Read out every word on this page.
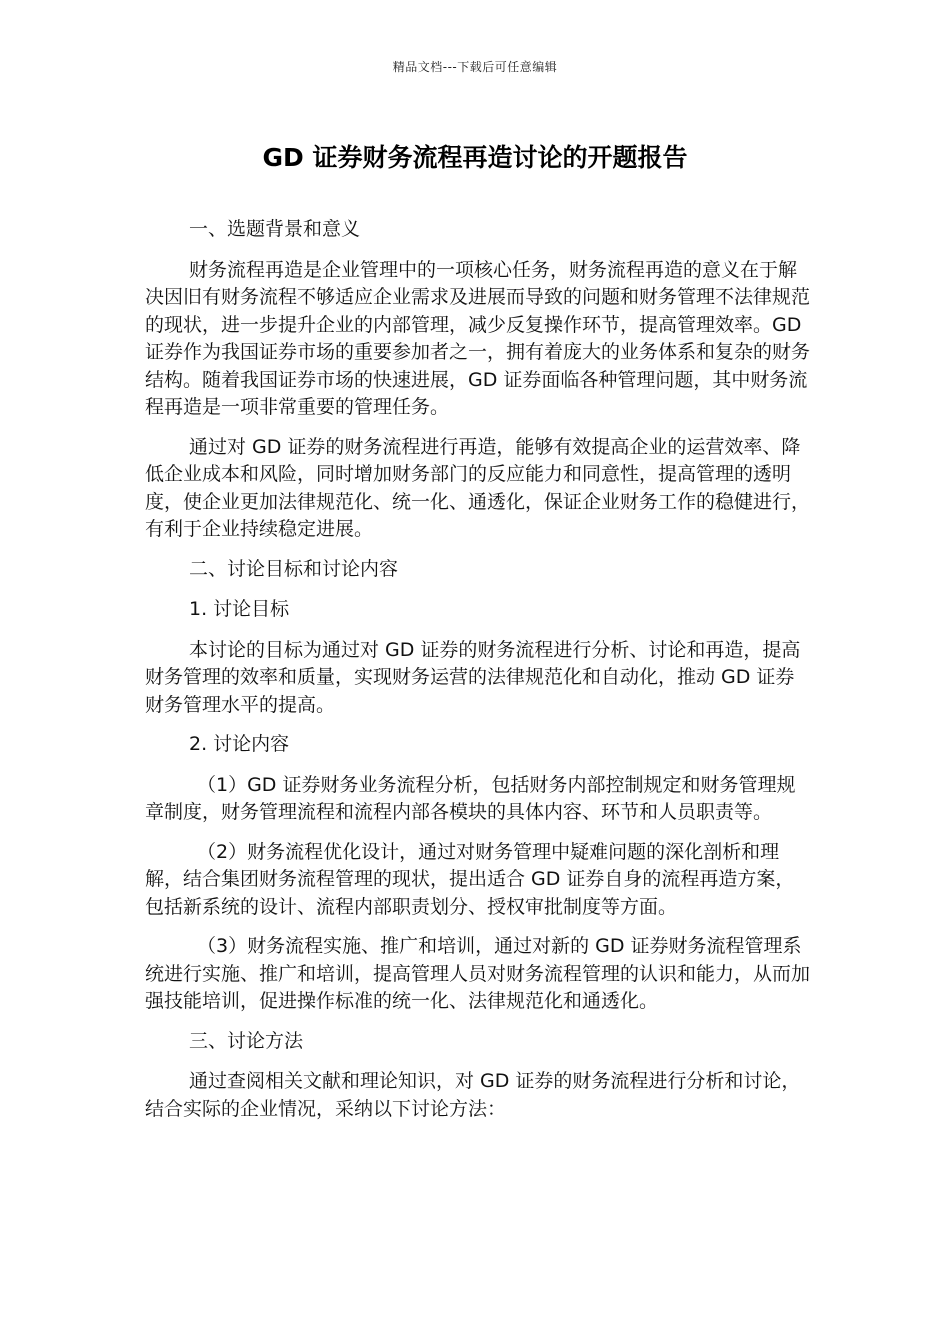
精品文档---下载后可任意编辑
GD 证券财务流程再造讨论的开题报告

一、选题背景和意义

财务流程再造是企业管理中的一项核心任务，财务流程再造的意义在于解决因旧有财务流程不够适应企业需求及进展而导致的问题和财务管理不法律规范的现状，进一步提升企业的内部管理，减少反复操作环节，提高管理效率。GD 证券作为我国证券市场的重要参加者之一，拥有着庞大的业务体系和复杂的财务结构。随着我国证券市场的快速进展，GD 证券面临各种管理问题，其中财务流程再造是一项非常重要的管理任务。

通过对 GD 证券的财务流程进行再造，能够有效提高企业的运营效率、降低企业成本和风险，同时增加财务部门的反应能力和同意性，提高管理的透明度，使企业更加法律规范化、统一化、通透化，保证企业财务工作的稳健进行，有利于企业持续稳定进展。

二、讨论目标和讨论内容

1. 讨论目标

本讨论的目标为通过对 GD 证券的财务流程进行分析、讨论和再造，提高财务管理的效率和质量，实现财务运营的法律规范化和自动化，推动 GD 证券财务管理水平的提高。

2. 讨论内容

（1）GD 证券财务业务流程分析，包括财务内部控制规定和财务管理规章制度，财务管理流程和流程内部各模块的具体内容、环节和人员职责等。

（2）财务流程优化设计，通过对财务管理中疑难问题的深化剖析和理解，结合集团财务流程管理的现状，提出适合 GD 证券自身的流程再造方案，包括新系统的设计、流程内部职责划分、授权审批制度等方面。

（3）财务流程实施、推广和培训，通过对新的 GD 证券财务流程管理系统进行实施、推广和培训，提高管理人员对财务流程管理的认识和能力，从而加强技能培训，促进操作标准的统一化、法律规范化和通透化。

三、讨论方法

通过查阅相关文献和理论知识，对 GD 证券的财务流程进行分析和讨论，结合实际的企业情况，采纳以下讨论方法：
